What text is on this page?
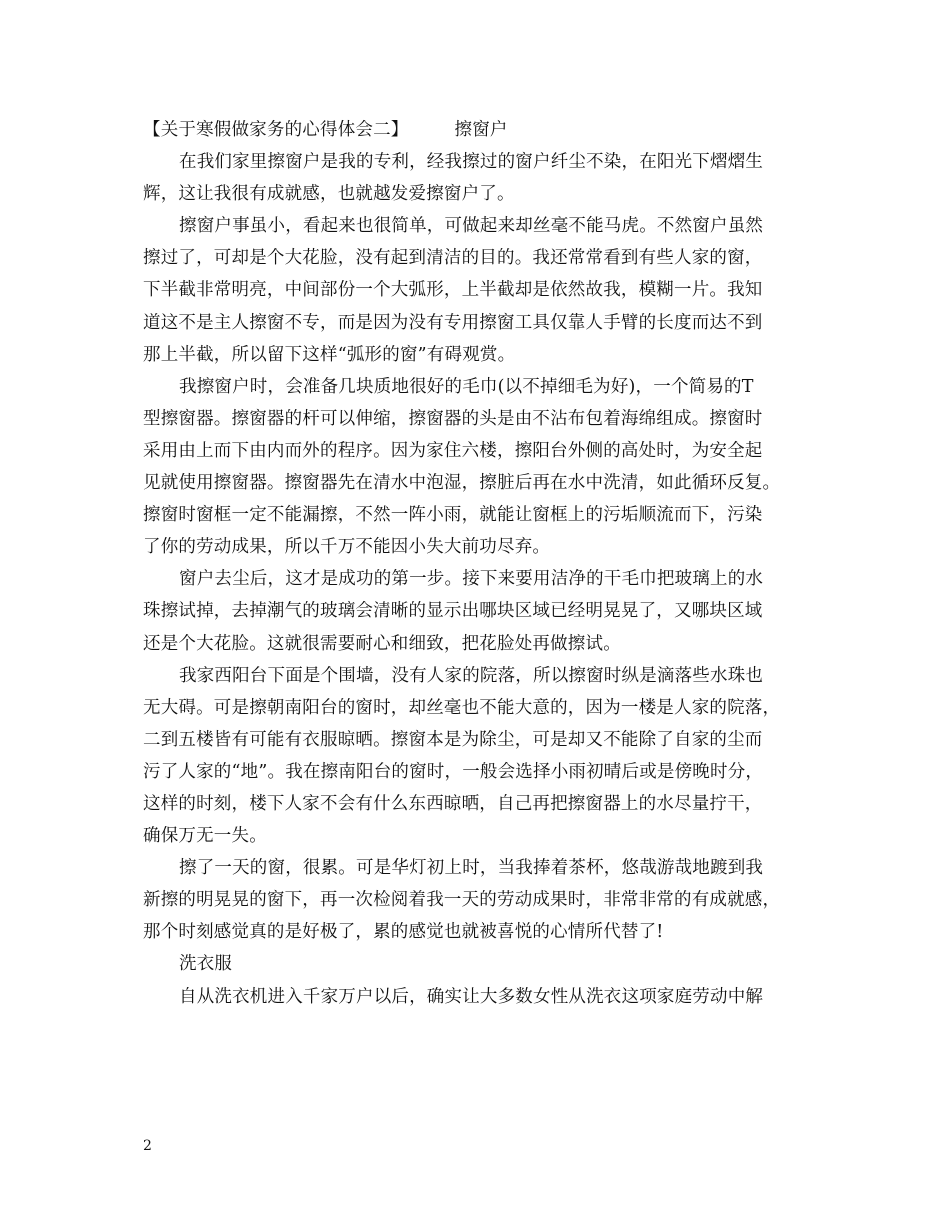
【关于寒假做家务的心得体会二】	擦窗户
在我们家里擦窗户是我的专利，经我擦过的窗户纤尘不染，在阳光下熠熠生
辉，这让我很有成就感，也就越发爱擦窗户了。
擦窗户事虽小，看起来也很简单，可做起来却丝毫不能马虎。不然窗户虽然
擦过了，可却是个大花脸，没有起到清洁的目的。我还常常看到有些人家的窗，
下半截非常明亮，中间部份一个大弧形，上半截却是依然故我，模糊一片。我知
道这不是主人擦窗不专，而是因为没有专用擦窗工具仅靠人手臂的长度而达不到
那上半截，所以留下这样“弧形的窗”有碍观赏。
我擦窗户时，会准备几块质地很好的毛巾(以不掉细毛为好)，一个简易的T
型擦窗器。擦窗器的杆可以伸缩，擦窗器的头是由不沾布包着海绵组成。擦窗时
采用由上而下由内而外的程序。因为家住六楼，擦阳台外侧的高处时，为安全起
见就使用擦窗器。擦窗器先在清水中泡湿，擦脏后再在水中洗清，如此循环反复。
擦窗时窗框一定不能漏擦，不然一阵小雨，就能让窗框上的污垢顺流而下，污染
了你的劳动成果，所以千万不能因小失大前功尽弃。
窗户去尘后，这才是成功的第一步。接下来要用洁净的干毛巾把玻璃上的水
珠擦试掉，去掉潮气的玻璃会清晰的显示出哪块区域已经明晃晃了，又哪块区域
还是个大花脸。这就很需要耐心和细致，把花脸处再做擦试。
我家西阳台下面是个围墙，没有人家的院落，所以擦窗时纵是滴落些水珠也
无大碍。可是擦朝南阳台的窗时，却丝毫也不能大意的，因为一楼是人家的院落，
二到五楼皆有可能有衣服晾晒。擦窗本是为除尘，可是却又不能除了自家的尘而
污了人家的“地”。我在擦南阳台的窗时，一般会选择小雨初晴后或是傍晚时分，
这样的时刻，楼下人家不会有什么东西晾晒，自己再把擦窗器上的水尽量拧干，
确保万无一失。
擦了一天的窗，很累。可是华灯初上时，当我捧着茶杯，悠哉游哉地踱到我
新擦的明晃晃的窗下，再一次检阅着我一天的劳动成果时，非常非常的有成就感，
那个时刻感觉真的是好极了，累的感觉也就被喜悦的心情所代替了!
洗衣服
自从洗衣机进入千家万户以后，确实让大多数女性从洗衣这项家庭劳动中解
2
